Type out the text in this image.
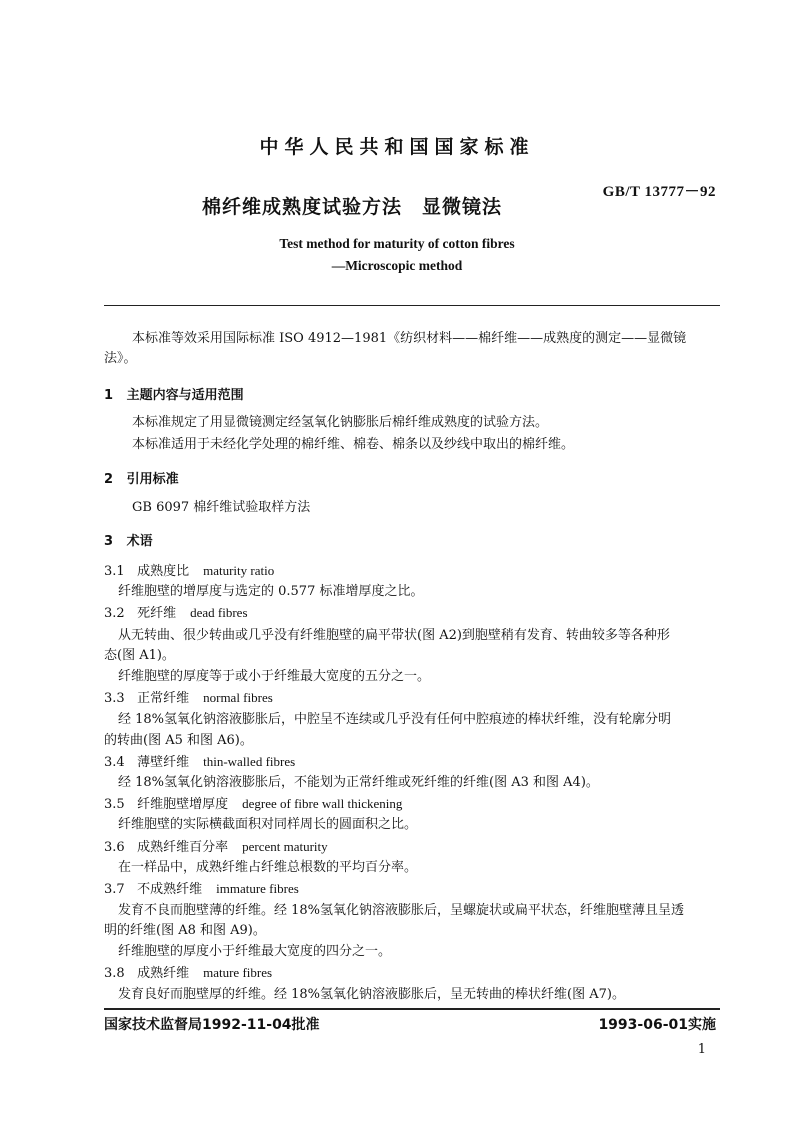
中华人民共和国国家标准
棉纤维成熟度试验方法　显微镜法
GB/T 13777－92
Test method for maturity of cotton fibres
—Microscopic method
本标准等效采用国际标准 ISO 4912—1981《纺织材料——棉纤维——成熟度的测定——显微镜
法》。
1 主题内容与适用范围
本标准规定了用显微镜测定经氢氧化钠膨胀后棉纤维成熟度的试验方法。
本标准适用于未经化学处理的棉纤维、棉卷、棉条以及纱线中取出的棉纤维。
2 引用标准
GB 6097 棉纤维试验取样方法
3 术语
3.1 成熟度比 maturity ratio
纤维胞壁的增厚度与选定的 0.577 标准增厚度之比。
3.2 死纤维 dead fibres
从无转曲、很少转曲或几乎没有纤维胞壁的扁平带状(图 A2)到胞壁稍有发育、转曲较多等各种形
态(图 A1)。
纤维胞壁的厚度等于或小于纤维最大宽度的五分之一。
3.3 正常纤维 normal fibres
经 18%氢氧化钠溶液膨胀后，中腔呈不连续或几乎没有任何中腔痕迹的棒状纤维，没有轮廓分明
的转曲(图 A5 和图 A6)。
3.4 薄壁纤维 thin-walled fibres
经 18%氢氧化钠溶液膨胀后，不能划为正常纤维或死纤维的纤维(图 A3 和图 A4)。
3.5 纤维胞壁增厚度 degree of fibre wall thickening
纤维胞壁的实际横截面积对同样周长的圆面积之比。
3.6 成熟纤维百分率 percent maturity
在一样品中，成熟纤维占纤维总根数的平均百分率。
3.7 不成熟纤维 immature fibres
发育不良而胞壁薄的纤维。经 18%氢氧化钠溶液膨胀后，呈螺旋状或扁平状态，纤维胞壁薄且呈透
明的纤维(图 A8 和图 A9)。
纤维胞壁的厚度小于纤维最大宽度的四分之一。
3.8 成熟纤维 mature fibres
发育良好而胞壁厚的纤维。经 18%氢氧化钠溶液膨胀后，呈无转曲的棒状纤维(图 A7)。
国家技术监督局1992-11-04批准	1993-06-01实施
1
